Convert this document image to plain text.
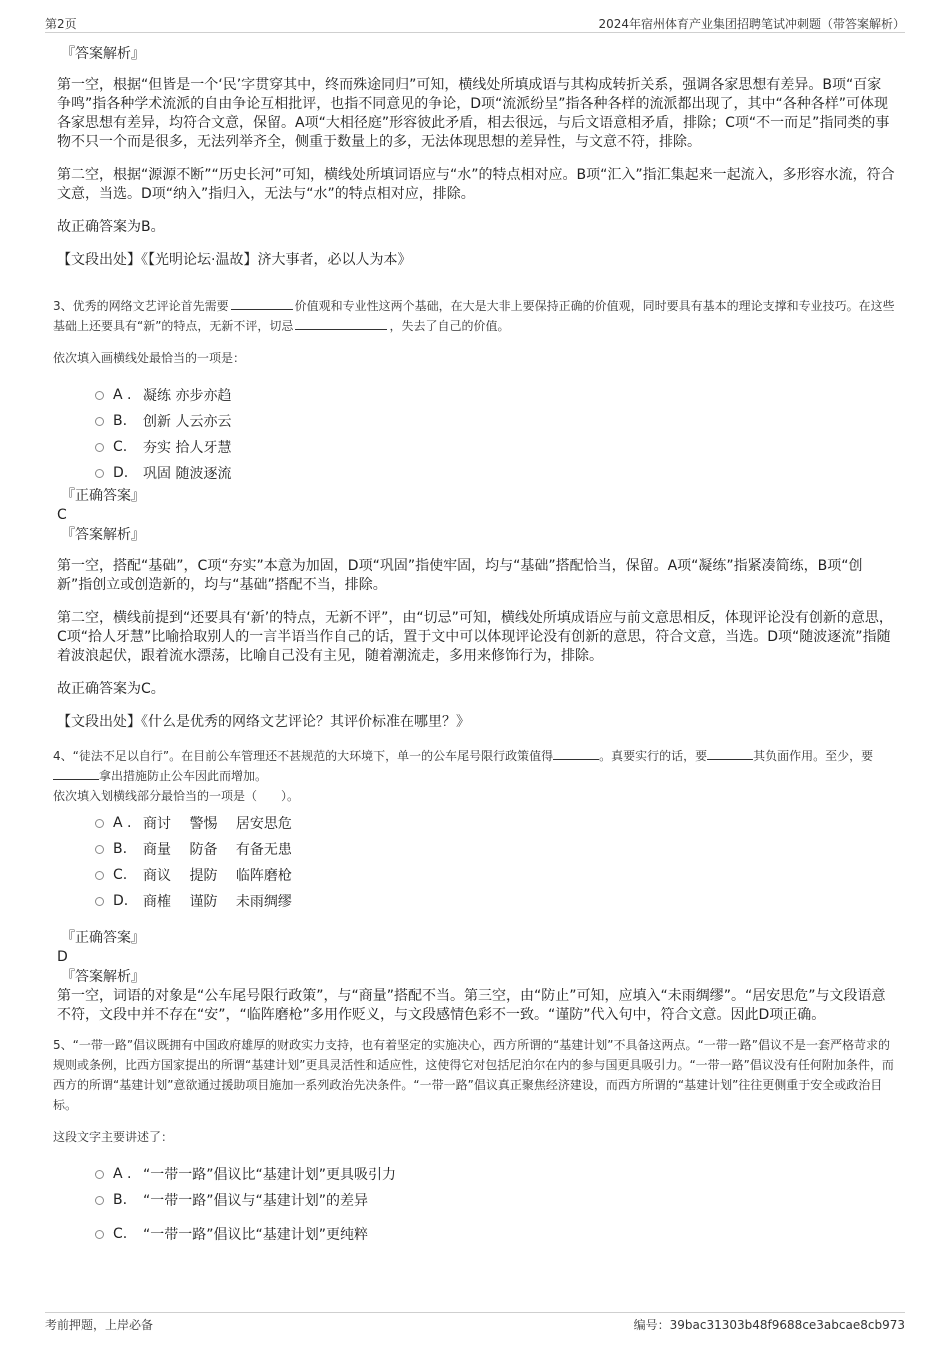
第2页	2024年宿州体育产业集团招聘笔试冲刺题（带答案解析）
『答案解析』

第一空，根据“但皆是一个‘民’字贯穿其中，终而殊途同归”可知，横线处所填成语与其构成转折关系，强调各家思想有差异。B项“百家争鸣”指各种学术流派的自由争论互相批评，也指不同意见的争论，D项“流派纷呈”指各种各样的流派都出现了，其中“各种各样”可体现各家思想有差异，均符合文意，保留。A项“大相径庭”形容彼此矛盾，相去很远，与后文语意相矛盾，排除；C项“不一而足”指同类的事物不只一个而是很多，无法列举齐全，侧重于数量上的多，无法体现思想的差异性，与文意不符，排除。

第二空，根据“源源不断”“历史长河”可知，横线处所填词语应与“水”的特点相对应。B项“汇入”指汇集起来一起流入，多形容水流，符合文意，当选。D项“纳入”指归入，无法与“水”的特点相对应，排除。

故正确答案为B。

【文段出处】《【光明论坛·温故】济大事者，必以人为本》

3、优秀的网络文艺评论首先需要	价值观和专业性这两个基础，在大是大非上要保持正确的价值观，同时要具有基本的理论支撑和专业技巧。在这些基础上还要具有“新”的特点，无新不评，切忌	，失去了自己的价值。

依次填入画横线处最恰当的一项是：

A . 凝练 亦步亦趋
B.	创新 人云亦云
C.	夯实 拾人牙慧
D.	巩固 随波逐流
『正确答案』
C
『答案解析』

第一空，搭配“基础”，C项“夯实”本意为加固，D项“巩固”指使牢固，均与“基础”搭配恰当，保留。A项“凝练”指紧凑简练，B项“创新”指创立或创造新的，均与“基础”搭配不当，排除。

第二空，横线前提到“还要具有‘新’的特点，无新不评”，由“切忌”可知，横线处所填成语应与前文意思相反，体现评论没有创新的意思，C项“拾人牙慧”比喻拾取别人的一言半语当作自己的话，置于文中可以体现评论没有创新的意思，符合文意，当选。D项“随波逐流”指随着波浪起伏，跟着流水漂荡，比喻自己没有主见，随着潮流走，多用来修饰行为，排除。

故正确答案为C。

【文段出处】《什么是优秀的网络文艺评论？其评价标准在哪里？》

4、“徒法不足以自行”。在目前公车管理还不甚规范的大环境下，单一的公车尾号限行政策值得	。真要实行的话，要	其负面作用。至少，要拿出措施防止公车因此而增加。

依次填入划横线部分最恰当的一项是（　　）。

A . 商讨　 警惕　 居安思危
B.	商量　 防备　 有备无患
C.	商议　 提防　 临阵磨枪
D.	商榷　 谨防　 未雨绸缪
『正确答案』
D
『答案解析』

第一空，词语的对象是“公车尾号限行政策”，与“商量”搭配不当。第三空，由“防止”可知，应填入“未雨绸缪”。“居安思危”与文段语意不符，文段中并不存在“安”，“临阵磨枪”多用作贬义，与文段感情色彩不一致。“谨防”代入句中，符合文意。因此D项正确。

5、“一带一路”倡议既拥有中国政府雄厚的财政实力支持，也有着坚定的实施决心，西方所谓的“基建计划”不具备这两点。“一带一路”倡议不是一套严格苛求的规则或条例，比西方国家提出的所谓“基建计划”更具灵活性和适应性，这使得它对包括尼泊尔在内的参与国更具吸引力。“一带一路”倡议没有任何附加条件，而西方的所谓“基建计划”意欲通过援助项目施加一系列政治先决条件。“一带一路”倡议真正聚焦经济建设，而西方所谓的“基建计划”往往更侧重于安全或政治目标。

这段文字主要讲述了：

A . “一带一路”倡议比“基建计划”更具吸引力
B.	“一带一路”倡议与“基建计划”的差异
C.	“一带一路”倡议比“基建计划”更纯粹
考前押题，上岸必备	编号：39bac31303b48f9688ce3abcae8cb973
